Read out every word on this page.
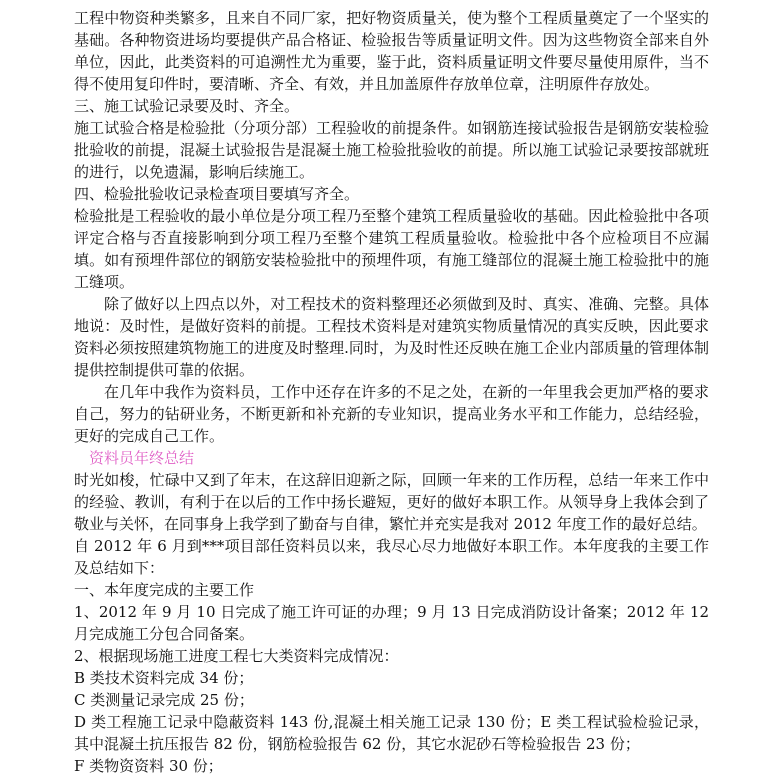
工程中物资种类繁多，且来自不同厂家，把好物资质量关，使为整个工程质量奠定了一个坚实的基础。各种物资进场均要提供产品合格证、检验报告等质量证明文件。因为这些物资全部来自外单位，因此，此类资料的可追溯性尤为重要，鉴于此，资料质量证明文件要尽量使用原件，当不得不使用复印件时，要清晰、齐全、有效，并且加盖原件存放单位章，注明原件存放处。

三、施工试验记录要及时、齐全。

施工试验合格是检验批（分项分部）工程验收的前提条件。如钢筋连接试验报告是钢筋安装检验批验收的前提，混凝土试验报告是混凝土施工检验批验收的前提。所以施工试验记录要按部就班的进行，以免遗漏，影响后续施工。

四、检验批验收记录检查项目要填写齐全。

检验批是工程验收的最小单位是分项工程乃至整个建筑工程质量验收的基础。因此检验批中各项评定合格与否直接影响到分项工程乃至整个建筑工程质量验收。检验批中各个应检项目不应漏填。如有预埋件部位的钢筋安装检验批中的预埋件项，有施工缝部位的混凝土施工检验批中的施工缝项。

除了做好以上四点以外，对工程技术的资料整理还必须做到及时、真实、准确、完整。具体地说：及时性，是做好资料的前提。工程技术资料是对建筑实物质量情况的真实反映，因此要求资料必须按照建筑物施工的进度及时整理.同时，为及时性还反映在施工企业内部质量的管理体制提供控制提供可靠的依据。

在几年中我作为资料员，工作中还存在许多的不足之处，在新的一年里我会更加严格的要求自己，努力的钻研业务，不断更新和补充新的专业知识，提高业务水平和工作能力，总结经验，更好的完成自己工作。

资料员年终总结

时光如梭，忙碌中又到了年末，在这辞旧迎新之际，回顾一年来的工作历程，总结一年来工作中的经验、教训，有利于在以后的工作中扬长避短，更好的做好本职工作。从领导身上我体会到了敬业与关怀，在同事身上我学到了勤奋与自律，繁忙并充实是我对 2012 年度工作的最好总结。

自 2012 年 6 月到***项目部任资料员以来，我尽心尽力地做好本职工作。本年度我的主要工作及总结如下：

一、本年度完成的主要工作

1、2012 年 9 月 10 日完成了施工许可证的办理；9 月 13 日完成消防设计备案；2012 年 12 月完成施工分包合同备案。

2、根据现场施工进度工程七大类资料完成情况：

B 类技术资料完成 34 份；

C 类测量记录完成 25 份；

D 类工程施工记录中隐蔽资料 143 份,混凝土相关施工记录 130 份；E 类工程试验检验记录，其中混凝土抗压报告 82 份，钢筋检验报告 62 份，其它水泥砂石等检验报告 23 份；

F 类物资资料 30 份；
